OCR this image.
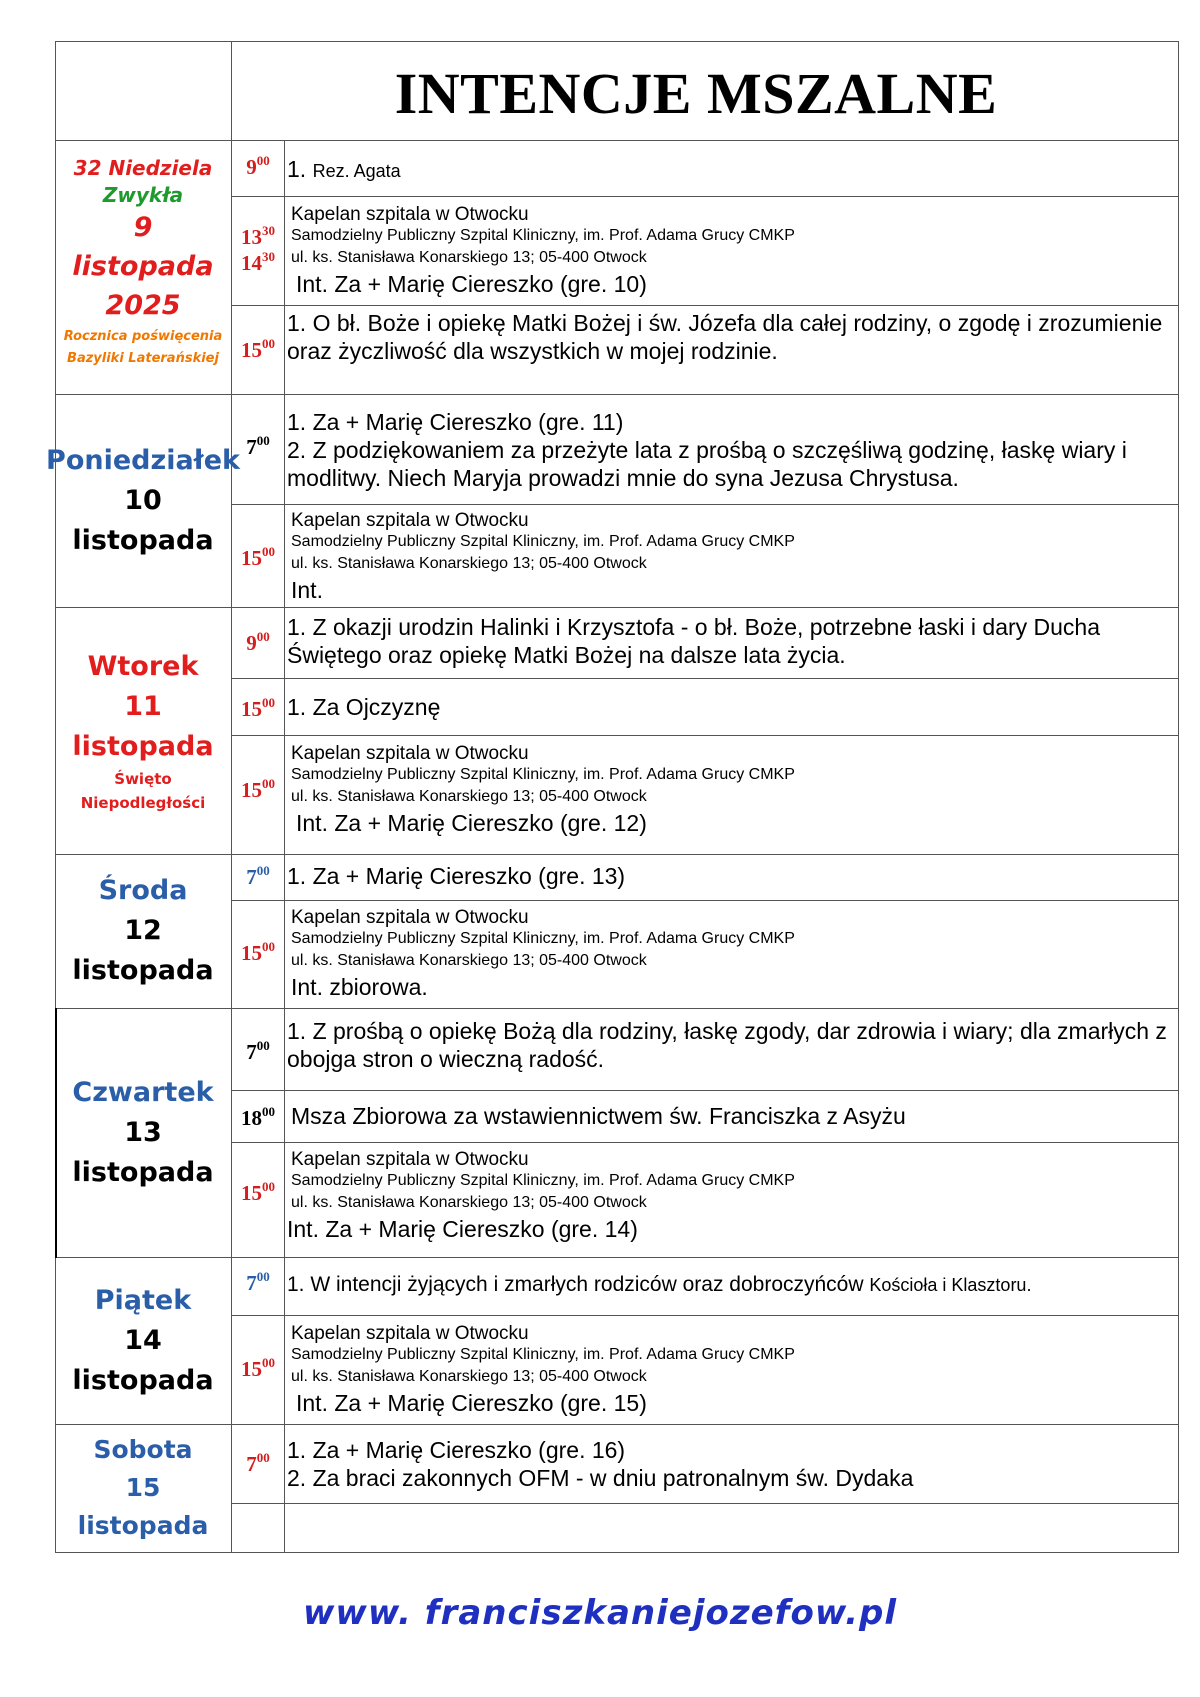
INTENCJE MSZALNE
32 Niedziela
Zwykła
9
listopada
2025
Rocznica poświęcenia
Bazyliki Laterańskiej
$9^{00}$ 1. Rez. Agata
$13^{30}$
$14^{30}$
Kapelan szpitala w Otwocku
Samodzielny Publiczny Szpital Kliniczny, im. Prof. Adama Grucy CMKP
ul. ks. Stanisława Konarskiego 13; 05-400 Otwock
Int. Za + Marię Ciereszko (gre. 10)
$15^{00}$
1. O bł. Boże i opiekę Matki Bożej i św. Józefa dla całej rodziny, o zgodę i zrozumienie oraz życzliwość dla wszystkich w mojej rodzinie.
Poniedziałek
10
listopada
$7^{00}$
1. Za + Marię Ciereszko (gre. 11)
2. Z podziękowaniem za przeżyte lata z prośbą o szczęśliwą godzinę, łaskę wiary i modlitwy. Niech Maryja prowadzi mnie do syna Jezusa Chrystusa.
$15^{00}$
Kapelan szpitala w Otwocku
Samodzielny Publiczny Szpital Kliniczny, im. Prof. Adama Grucy CMKP
ul. ks. Stanisława Konarskiego 13; 05-400 Otwock
Int.
Wtorek
11
listopada
Święto
Niepodległości
$9^{00}$ 1. Z okazji urodzin Halinki i Krzysztofa - o bł. Boże, potrzebne łaski i dary Ducha Świętego oraz opiekę Matki Bożej na dalsze lata życia.
$15^{00}$ 1. Za Ojczyznę
$15^{00}$
Kapelan szpitala w Otwocku
Samodzielny Publiczny Szpital Kliniczny, im. Prof. Adama Grucy CMKP
ul. ks. Stanisława Konarskiego 13; 05-400 Otwock
Int. Za + Marię Ciereszko (gre. 12)
Środa
12
listopada
$7^{00}$ 1. Za + Marię Ciereszko (gre. 13)
$15^{00}$
Kapelan szpitala w Otwocku
Samodzielny Publiczny Szpital Kliniczny, im. Prof. Adama Grucy CMKP
ul. ks. Stanisława Konarskiego 13; 05-400 Otwock
Int. zbiorowa.
Czwartek
13
listopada
$7^{00}$
1. Z prośbą o opiekę Bożą dla rodziny, łaskę zgody, dar zdrowia i wiary; dla zmarłych z obojga stron o wieczną radość.
$18^{00}$ Msza Zbiorowa za wstawiennictwem św. Franciszka z Asyżu
$15^{00}$
Kapelan szpitala w Otwocku
Samodzielny Publiczny Szpital Kliniczny, im. Prof. Adama Grucy CMKP
ul. ks. Stanisława Konarskiego 13; 05-400 Otwock
Int. Za + Marię Ciereszko (gre. 14)
Piątek
14
listopada
$7^{00}$ 1. W intencji żyjących i zmarłych rodziców oraz dobroczyńców Kościoła i Klasztoru.
$15^{00}$
Kapelan szpitala w Otwocku
Samodzielny Publiczny Szpital Kliniczny, im. Prof. Adama Grucy CMKP
ul. ks. Stanisława Konarskiego 13; 05-400 Otwock
Int. Za + Marię Ciereszko (gre. 15)
Sobota
15
listopada
$7^{00}$ 1. Za + Marię Ciereszko (gre. 16)
2. Za braci zakonnych OFM - w dniu patronalnym św. Dydaka
www. franciszkaniejozefow.pl
